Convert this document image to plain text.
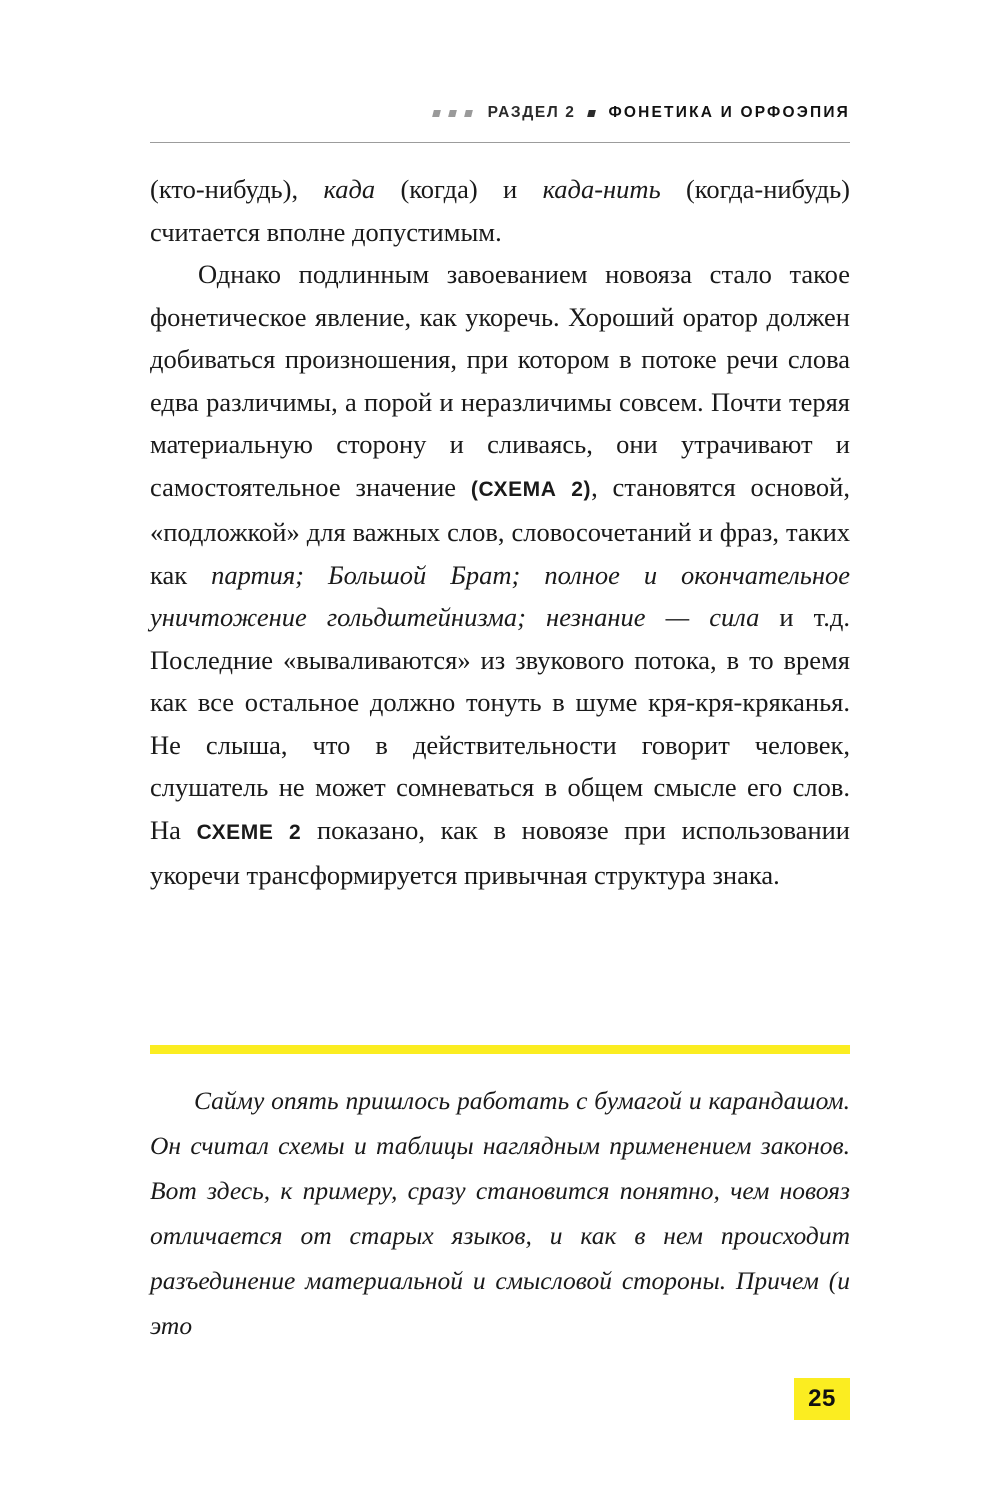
РАЗДЕЛ 2 ФОНЕТИКА И ОРФОЭПИЯ

(кто-нибудь), када (когда) и када-нить (когда-нибудь) считается вполне допустимым.

Однако подлинным завоеванием новояза стало такое фонетическое явление, как укоречь. Хороший оратор должен добиваться произношения, при котором в потоке речи слова едва различимы, а порой и неразличимы совсем. Почти теряя материальную сторону и сливаясь, они утрачивают и самостоятельное значение (СХЕМА 2), становятся основой, «подложкой» для важных слов, словосочетаний и фраз, таких как партия; Большой Брат; полное и окончательное уничтожение гольдштейнизма; незнание — сила и т.д. Последние «вываливаются» из звукового потока, в то время как все остальное должно тонуть в шуме кря-кря-кряканья. Не слыша, что в действительности говорит человек, слушатель не может сомневаться в общем смысле его слов. На СХЕМЕ 2 показано, как в новоязе при использовании укоречи трансформируется привычная структура знака.

Сайму опять пришлось работать с бумагой и карандашом. Он считал схемы и таблицы наглядным применением законов. Вот здесь, к примеру, сразу становится понятно, чем новояз отличается от старых языков, и как в нем происходит разъединение материальной и смысловой стороны. Причем (и это

25
